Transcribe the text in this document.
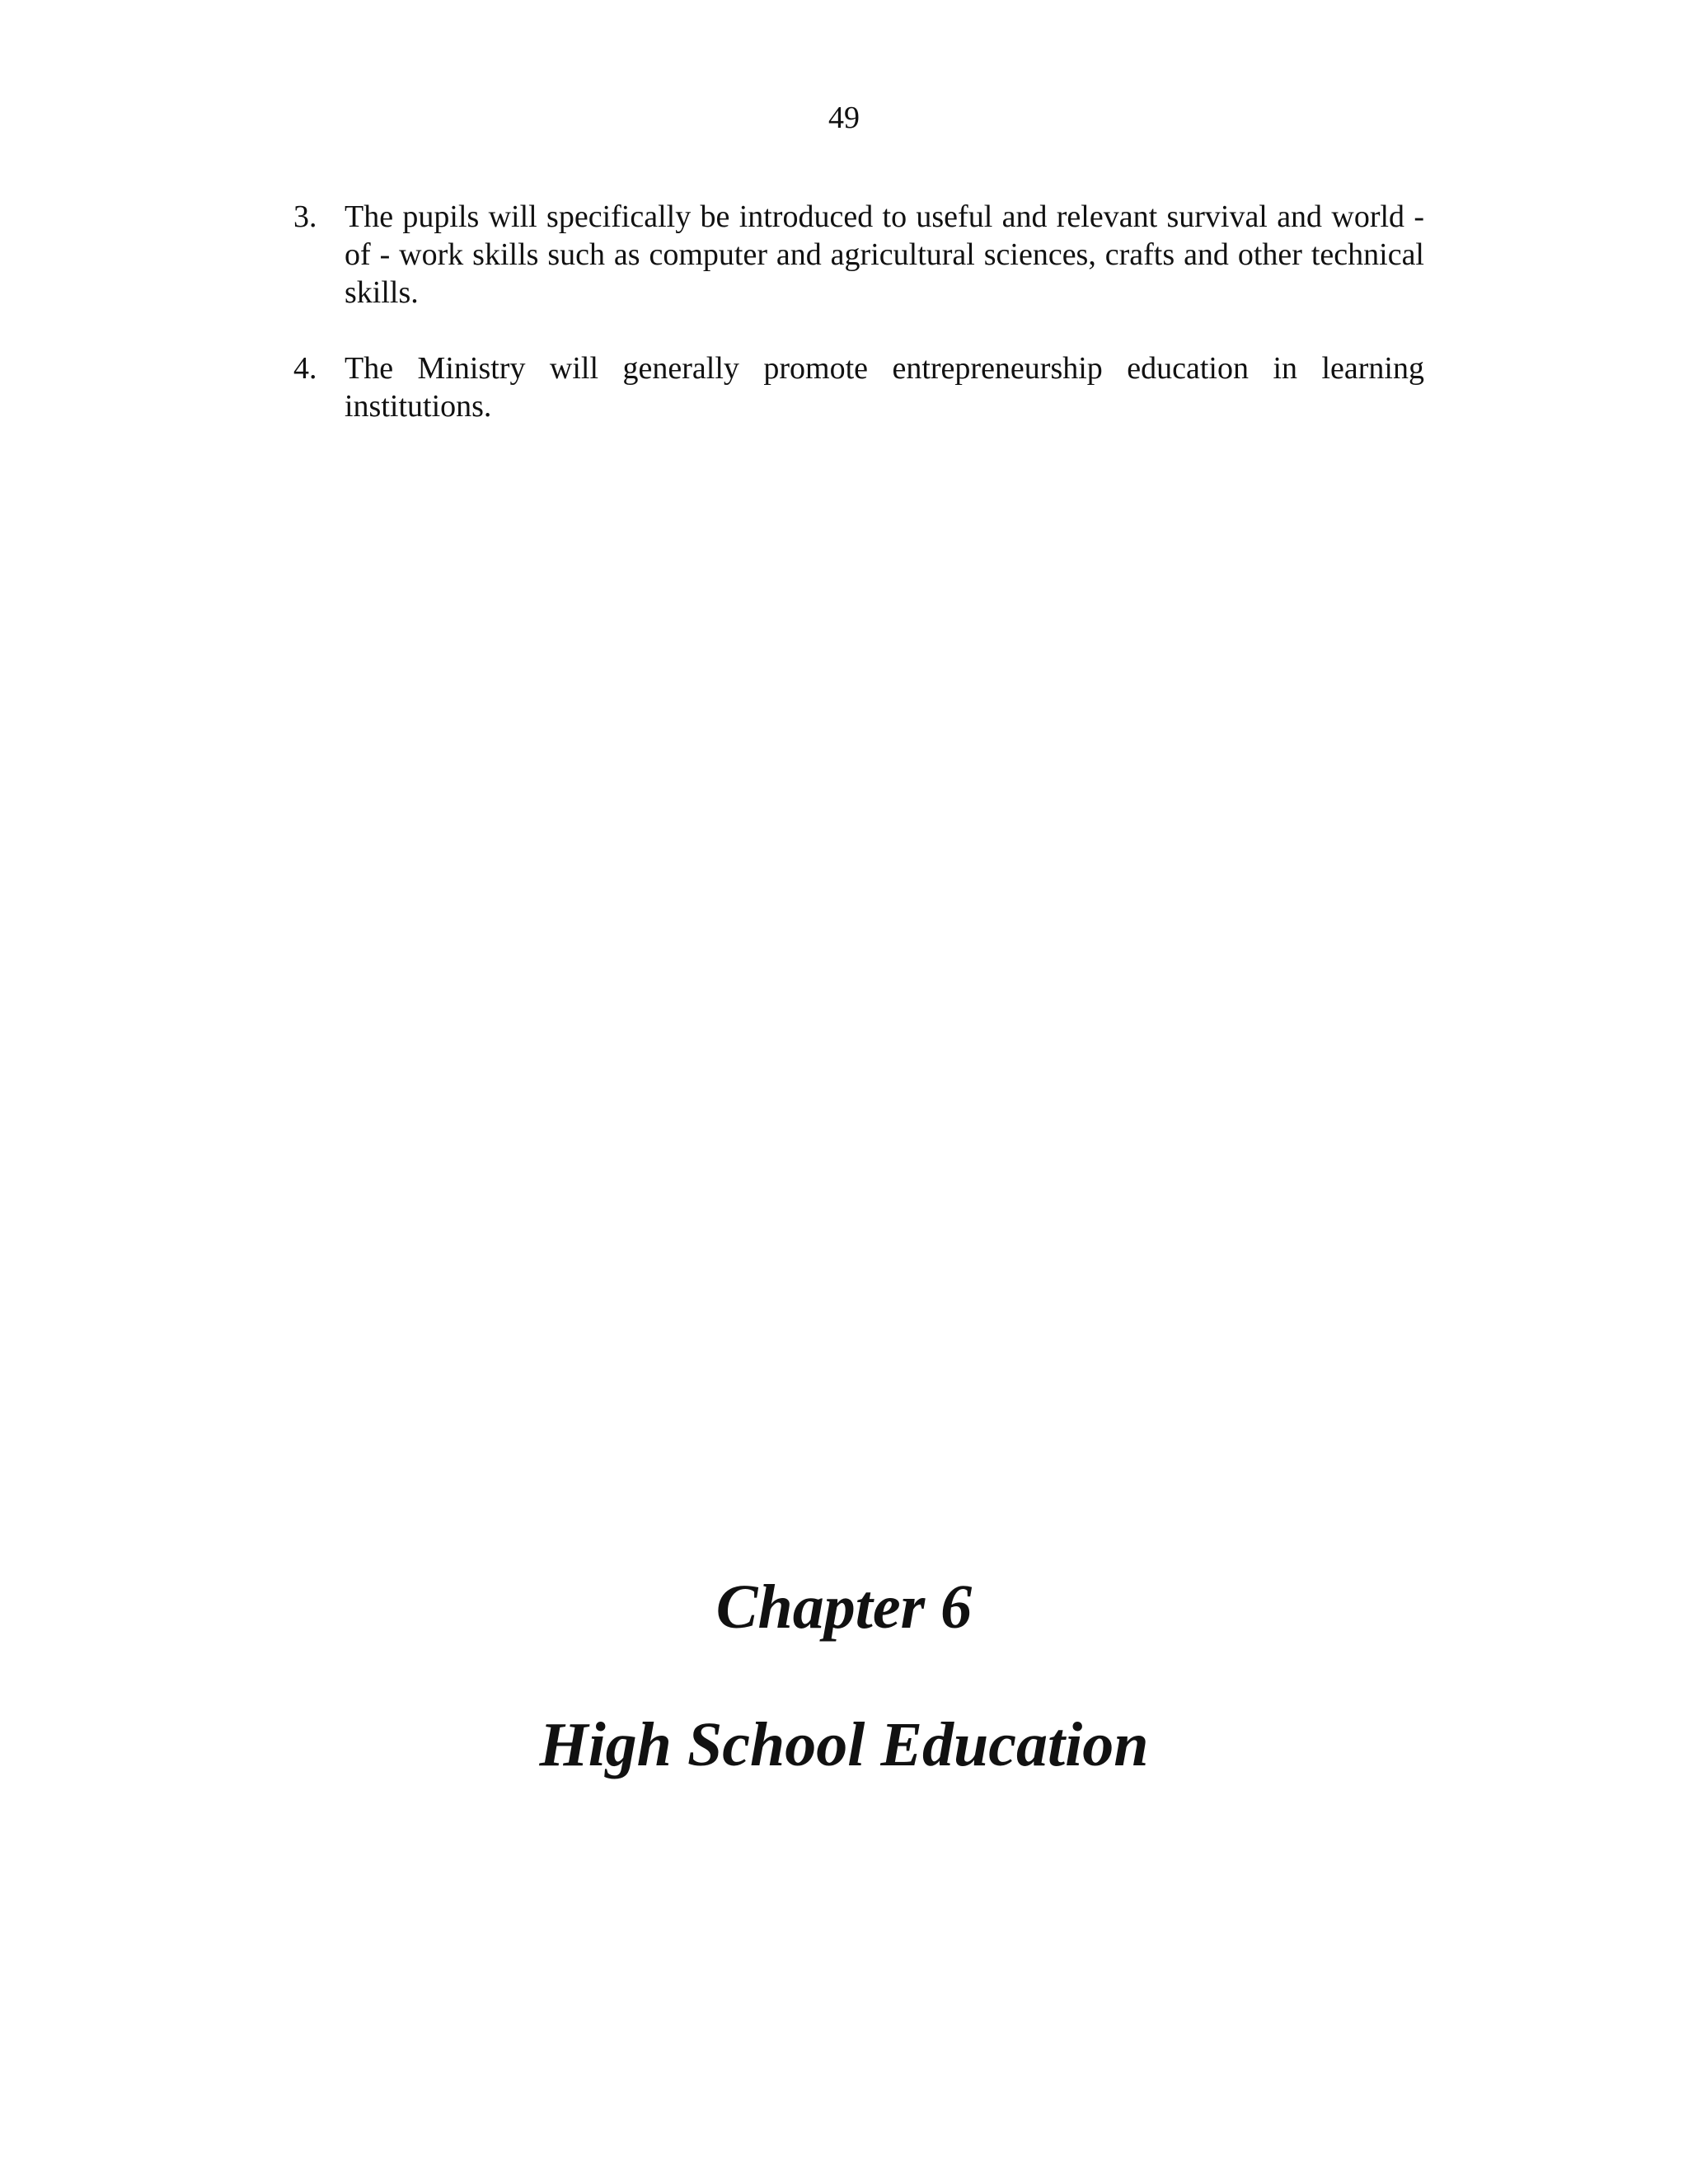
49
3. The pupils will specifically be introduced to useful and relevant survival and world - of - work skills such as computer and agricultural sciences, crafts and other technical skills.
4. The Ministry will generally promote entrepreneurship education in learning institutions.
Chapter 6
High School Education
